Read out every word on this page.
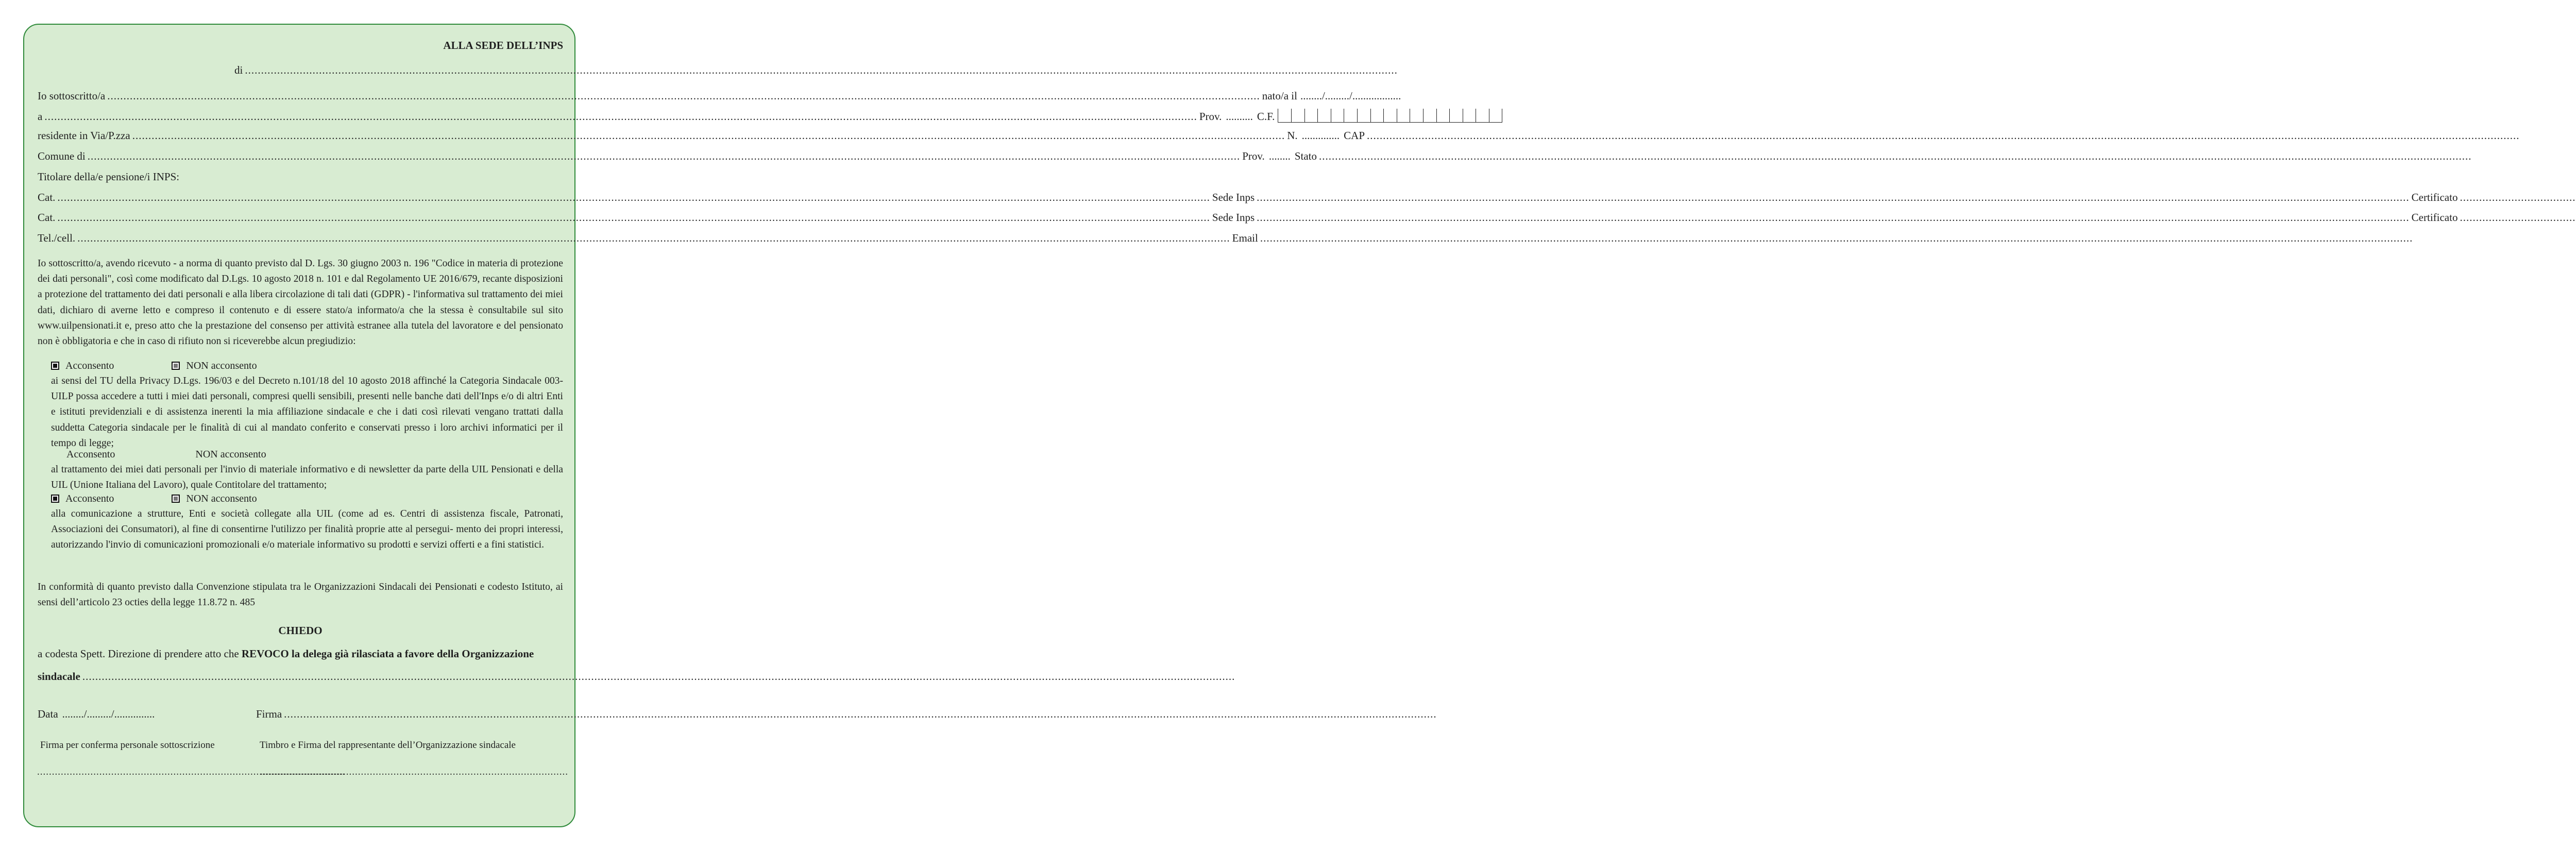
ALLA SEDE DELL’INPS
di
.....
Io sottoscritto/a .....	nato/a il ......../........./..................
a .....	Prov. .......... C.F.
residente in Via/P.zza .....	N. .............. CAP
.....
Comune di .....	Prov. ........ Stato
.....
Titolare della/e pensione/i INPS:
Cat. .....	Sede Inps .....	Certificato
.....
Cat. .....	Sede Inps .....	Certificato
.....
Tel./cell. .....	Email
.....

Io sottoscritto/a, avendo ricevuto - a norma di quanto previsto dal D. Lgs. 30 giugno 2003 n. 196 "Codice in materia di protezione dei dati personali", così come modificato dal D.Lgs. 10 agosto 2018 n. 101 e dal Regolamento UE 2016/679, recante disposizioni a protezione del trattamento dei dati personali e alla libera circolazione di tali dati (GDPR) - l'informativa sul trattamento dei miei dati, dichiaro di averne letto e compreso il contenuto e di essere stato/a informato/a che la stessa è consultabile sul sito www.uilpensionati.it e, preso atto che la prestazione del consenso per attività estranee alla tutela del lavoratore e del pensionato non è obbligatoria e che in caso di rifiuto non si riceverebbe alcun pregiudizio:

Acconsento	NON acconsento

ai sensi del TU della Privacy D.Lgs. 196/03 e del Decreto n.101/18 del 10 agosto 2018 affinché la Categoria Sindacale 003-UILP possa accedere a tutti i miei dati personali, compresi quelli sensibili, presenti nelle banche dati dell'Inps e/o di altri Enti e istituti previdenziali e di assistenza inerenti la mia affiliazione sindacale e che i dati così rilevati vengano trattati dalla suddetta Categoria sindacale per le finalità di cui al mandato conferito e conservati presso i loro archivi informatici per il tempo di legge;

Acconsento	NON acconsento

al trattamento dei miei dati personali per l'invio di materiale informativo e di newsletter da parte della UIL Pensionati e della UIL (Unione Italiana del Lavoro), quale Contitolare del trattamento;

Acconsento	NON acconsento

alla comunicazione a strutture, Enti e società collegate alla UIL (come ad es. Centri di assistenza fiscale, Patronati, Associazioni dei Consumatori), al fine di consentirne l'utilizzo per finalità proprie atte al persegui- mento dei propri interessi, autorizzando l'invio di comunicazioni promozionali e/o materiale informativo su prodotti e servizi offerti e a fini statistici.

In conformità di quanto previsto dalla Convenzione stipulata tra le Organizzazioni Sindacali dei Pensionati e codesto Istituto, ai sensi dell’articolo 23 octies della legge 11.8.72 n. 485

CHIEDO
a codesta Spett. Direzione di prendere atto che REVOCO la delega già rilasciata a favore della Organizzazione
sindacale
.....
Data ......../........./...............	Firma
.....
Firma per conferma personale sottoscrizione	Timbro e Firma del rappresentante dell’Organizzazione sindacale
........................................................................................................
........................................................................................................
